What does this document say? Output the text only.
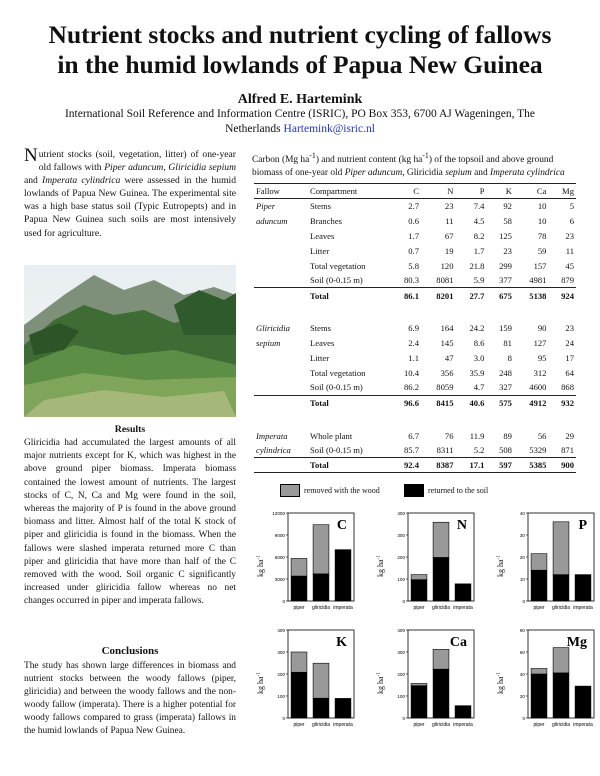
Nutrient stocks and nutrient cycling of fallows
in the humid lowlands of Papua New Guinea
Alfred E. Hartemink
International Soil Reference and Information Centre (ISRIC), PO Box 353, 6700 AJ Wageningen, The Netherlands Hartemink@isric.nl
Nutrient stocks (soil, vegetation, litter) of one-year old fallows with Piper aduncum, Gliricidia sepium and Imperata cylindrica were assessed in the humid lowlands of Papua New Guinea. The experimental site was a high base status soil (Typic Eutropepts) and in Papua New Guinea such soils are most intensively used for agriculture.
Results
Gliricidia had accumulated the largest amounts of all major nutrients except for K, which was highest in the above ground piper biomass. Imperata biomass contained the lowest amount of nutrients. The largest stocks of C, N, Ca and Mg were found in the soil, whereas the majority of P is found in the above ground biomass and litter. Almost half of the total K stock of piper and gliricidia is found in the biomass. When the fallows were slashed imperata returned more C than piper and gliricidia that have more than half of the C removed with the wood. Soil organic C significantly increased under gliricidia fallow whereas no net changes occurred in piper and imperata fallows.
Conclusions
The study has shown large differences in biomass and nutrient stocks between the woody fallows (piper, gliricidia) and between the woody fallows and the non-woody fallow (imperata). There is a higher potential for woody fallows compared to grass (imperata) fallows in the humid lowlands of Papua New Guinea.
Carbon (Mg $ha^{-1}$) and nutrient content (kg $ha^{-1}$) of the topsoil and above ground biomass of one-year old Piper aduncum, Gliricidia sepium and Imperata cylindrica
Fallow	Compartment	C	N	P	K	Ca	Mg
Piper	Stems	2.7	23	7.4	92	10	5
aduncum	Branches	0.6	11	4.5	58	10	6
	Leaves	1.7	67	8.2	125	78	23
	Litter	0.7	19	1.7	23	59	11
	Total vegetation	5.8	120	21.8	299	157	45
	Soil (0-0.15 m)	80.3	8081	5.9	377	4981	879
	Total	86.1	8201	27.7	675	5138	924

Gliricidia	Stems	6.9	164	24.2	159	90	23
sepium	Leaves	2.4	145	8.6	81	127	24
	Litter	1.1	47	3.0	8	95	17
	Total vegetation	10.4	356	35.9	248	312	64
	Soil (0-0.15 m)	86.2	8059	4.7	327	4600	868
	Total	96.6	8415	40.6	575	4912	932

Imperata	Whole plant	6.7	76	11.9	89	56	29
cylindrica	Soil (0-0.15 m)	85.7	8311	5.2	508	5329	871
	Total	92.4	8387	17.1	597	5385	900
removed with the wood	returned to the soil
0
3000
6000
9000
12000
piper gliricidia imperata
C
kg $ha^{-1}$
0
100
200
300
400
piper gliricidia imperata
N
kg $ha^{-1}$
0
10
20
30
40
piper gliricidia imperata
P
kg $ha^{-1}$
0
100
200
300
400
piper gliricidia imperata
K
kg $ha^{-1}$
0
100
200
300
400
piper gliricidia imperata
Ca
kg $ha^{-1}$
0
20
40
60
80
piper gliricidia imperata
Mg
kg $ha^{-1}$
